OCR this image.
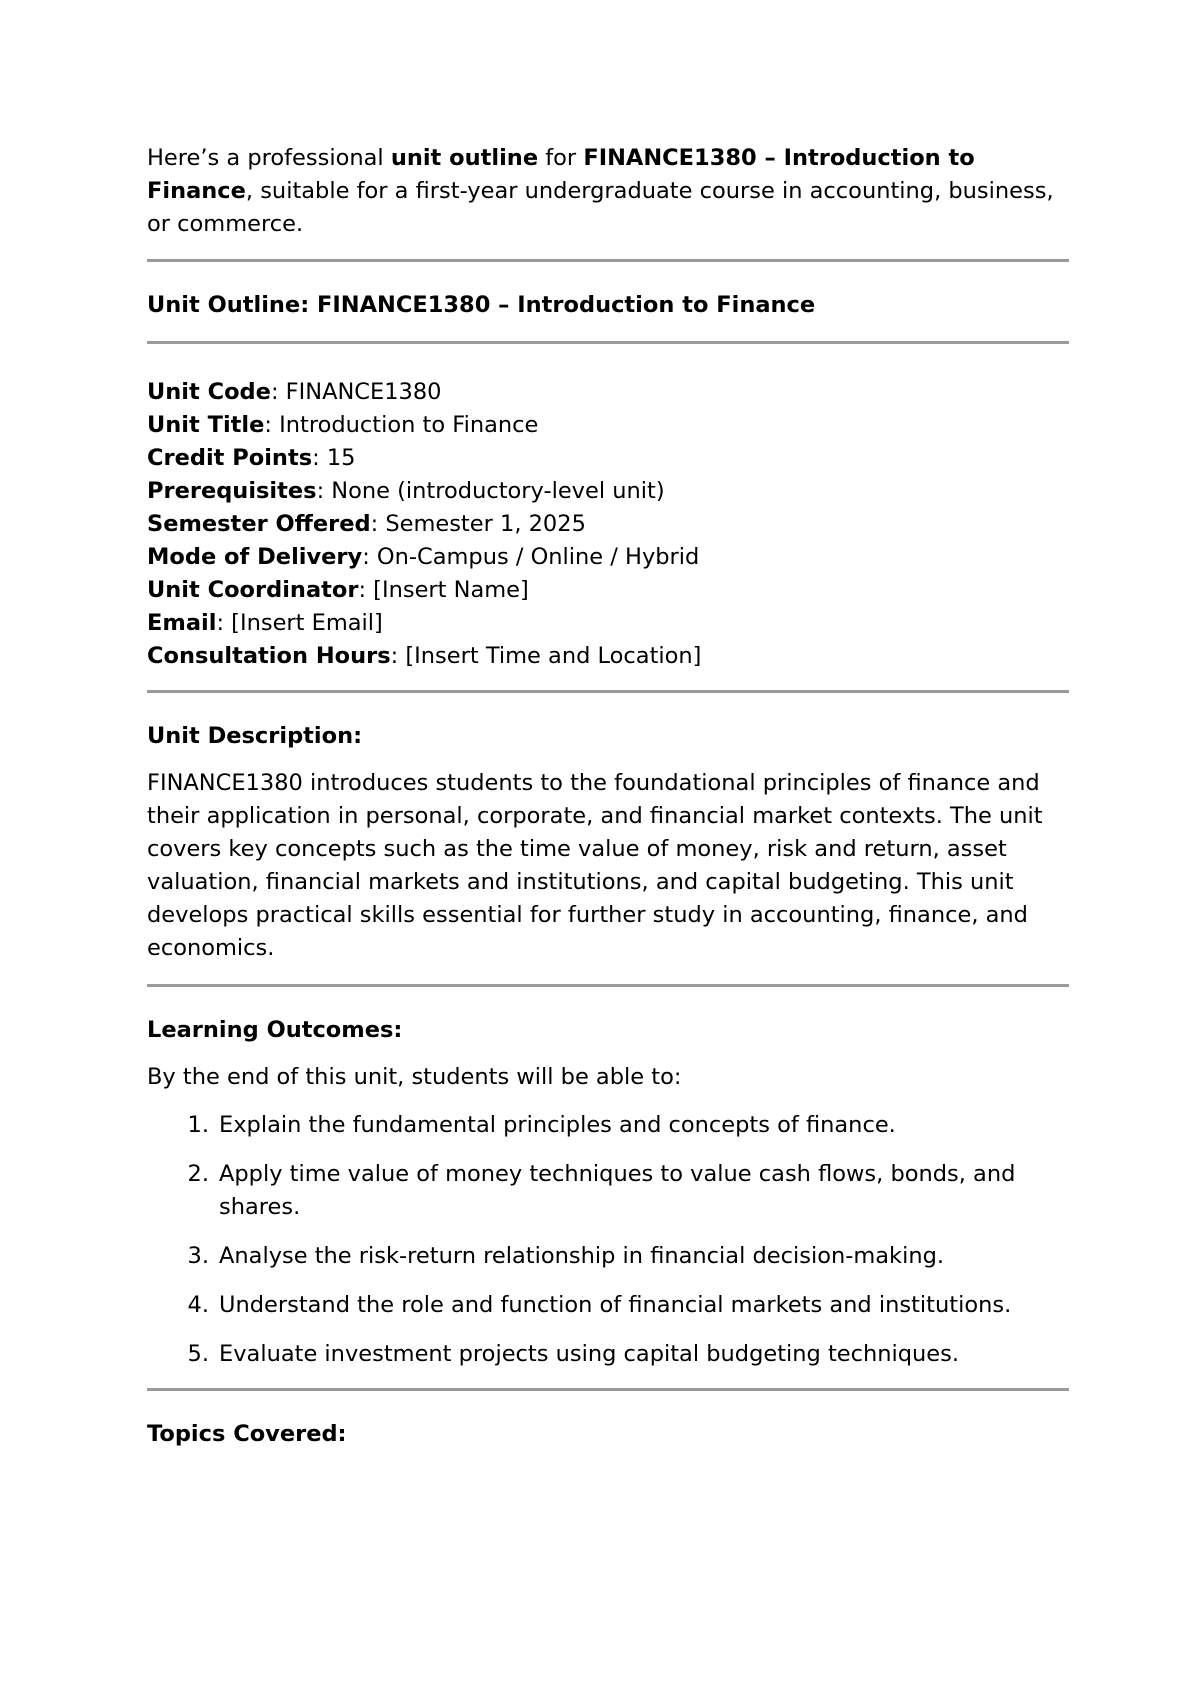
Here’s a professional unit outline for FINANCE1380 – Introduction to Finance, suitable for a first-year undergraduate course in accounting, business, or commerce.

Unit Outline: FINANCE1380 – Introduction to Finance

Unit Code: FINANCE1380

Unit Title: Introduction to Finance

Credit Points: 15

Prerequisites: None (introductory-level unit)

Semester Offered: Semester 1, 2025

Mode of Delivery: On-Campus / Online / Hybrid

Unit Coordinator: [Insert Name]

Email: [Insert Email]

Consultation Hours: [Insert Time and Location]

Unit Description:

FINANCE1380 introduces students to the foundational principles of finance and their application in personal, corporate, and financial market contexts. The unit covers key concepts such as the time value of money, risk and return, asset valuation, financial markets and institutions, and capital budgeting. This unit develops practical skills essential for further study in accounting, finance, and economics.

Learning Outcomes:

By the end of this unit, students will be able to:

1. Explain the fundamental principles and concepts of finance.
2. Apply time value of money techniques to value cash flows, bonds, and shares.
3. Analyse the risk-return relationship in financial decision-making.
4. Understand the role and function of financial markets and institutions.
5. Evaluate investment projects using capital budgeting techniques.

Topics Covered:
